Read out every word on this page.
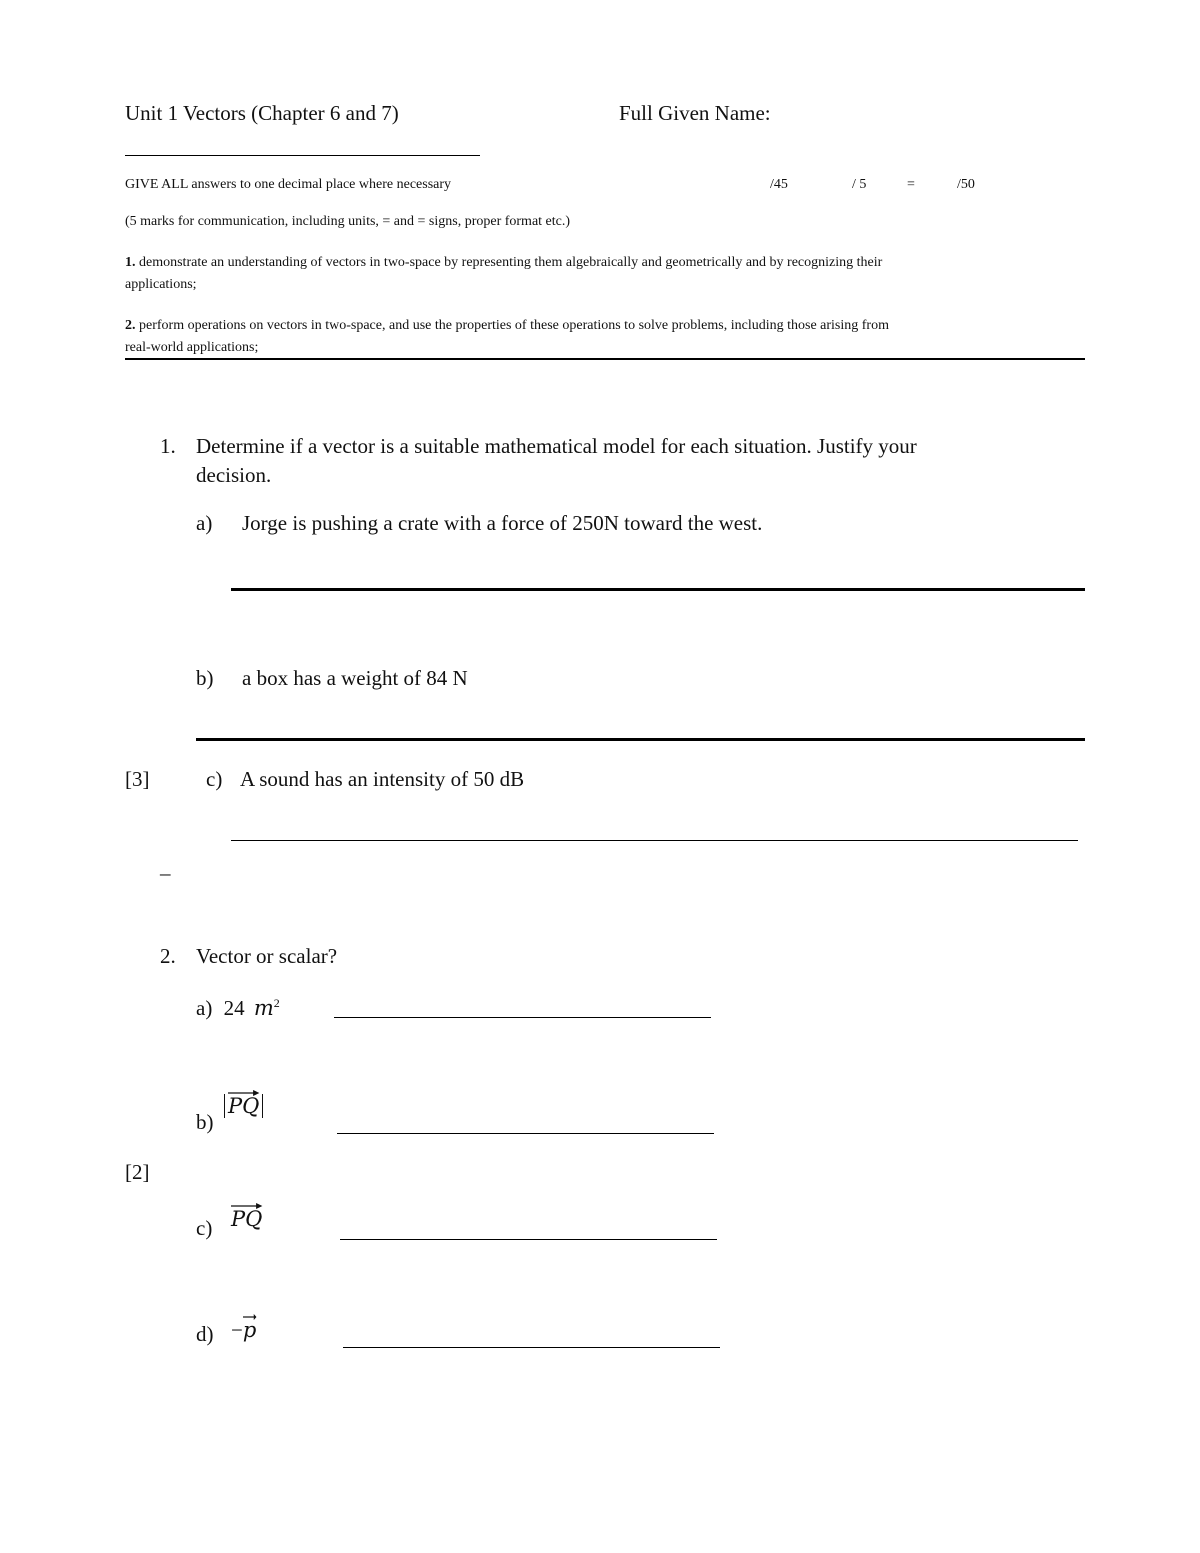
Unit 1 Vectors (Chapter 6 and 7)	Full Given Name:
GIVE ALL answers to one decimal place where necessary	/45	/ 5	=	/50
(5 marks for communication, including units, = and = signs, proper format etc.)
1. demonstrate an understanding of vectors in two-space by representing them algebraically and geometrically and by recognizing their
applications;
2. perform operations on vectors in two-space, and use the properties of these operations to solve problems, including those arising from
real-world applications;
1. Determine if a vector is a suitable mathematical model for each situation. Justify your
decision.
a) Jorge is pushing a crate with a force of 250N toward the west.
b) a box has a weight of 84 N
[3]	c) A sound has an intensity of 50 dB
_
2. Vector or scalar?
a) 24 $m^2$
b)
PQ
[2]
c) PQ
d) −
p
